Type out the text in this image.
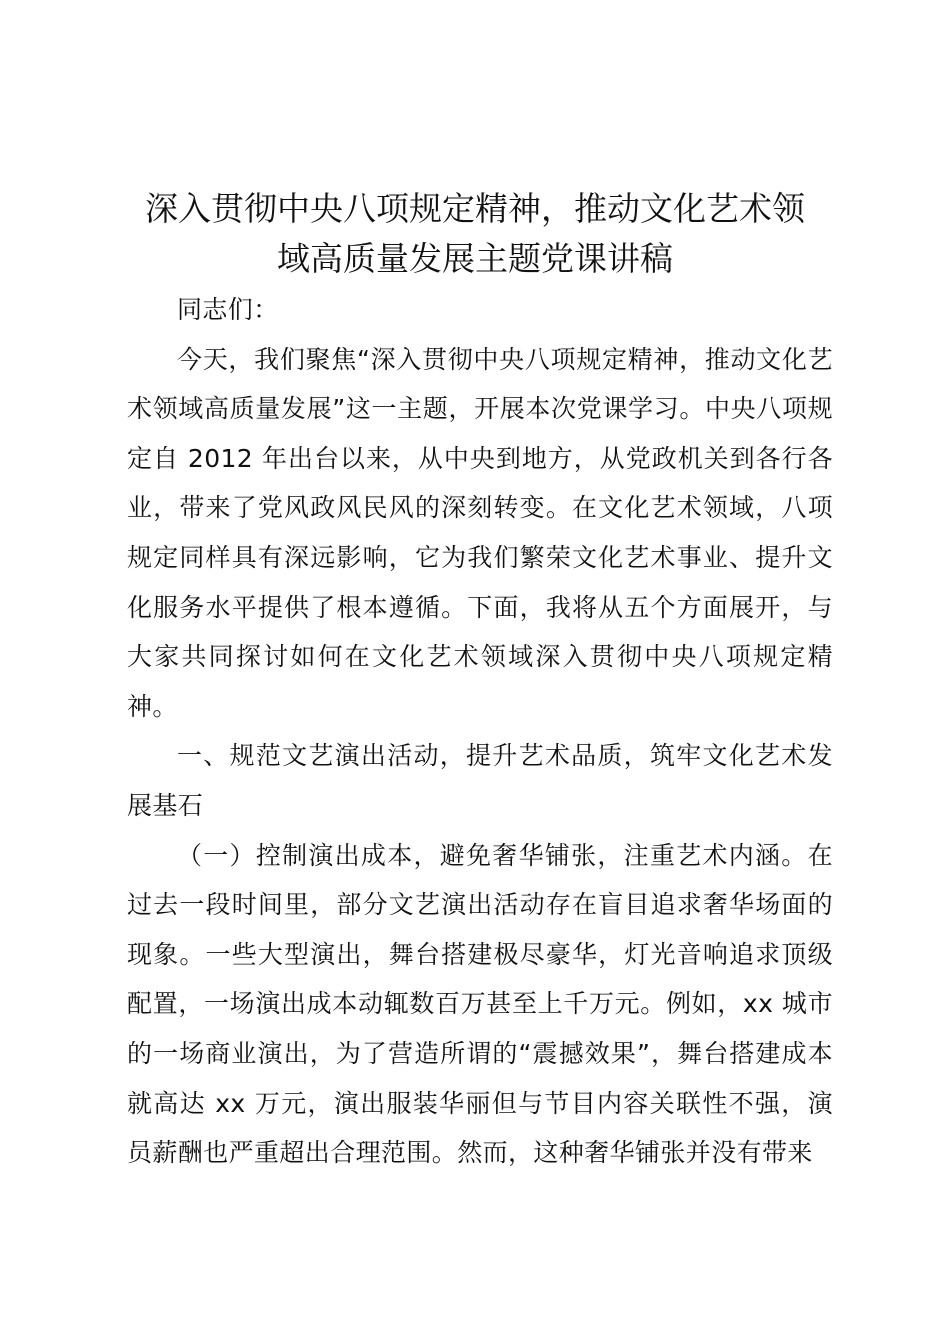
深入贯彻中央八项规定精神，推动文化艺术领
域高质量发展主题党课讲稿

同志们：

今天，我们聚焦“深入贯彻中央八项规定精神，推动文化艺术领域高质量发展”这一主题，开展本次党课学习。中央八项规定自 2012 年出台以来，从中央到地方，从党政机关到各行各业，带来了党风政风民风的深刻转变。在文化艺术领域，八项规定同样具有深远影响，它为我们繁荣文化艺术事业、提升文化服务水平提供了根本遵循。下面，我将从五个方面展开，与大家共同探讨如何在文化艺术领域深入贯彻中央八项规定精神。

一、规范文艺演出活动，提升艺术品质，筑牢文化艺术发展基石

（一）控制演出成本，避免奢华铺张，注重艺术内涵。在过去一段时间里，部分文艺演出活动存在盲目追求奢华场面的现象。一些大型演出，舞台搭建极尽豪华，灯光音响追求顶级配置，一场演出成本动辄数百万甚至上千万元。例如，xx 城市的一场商业演出，为了营造所谓的“震撼效果”，舞台搭建成本就高达 xx 万元，演出服装华丽但与节目内容关联性不强，演员薪酬也严重超出合理范围。然而，这种奢华铺张并没有带来
